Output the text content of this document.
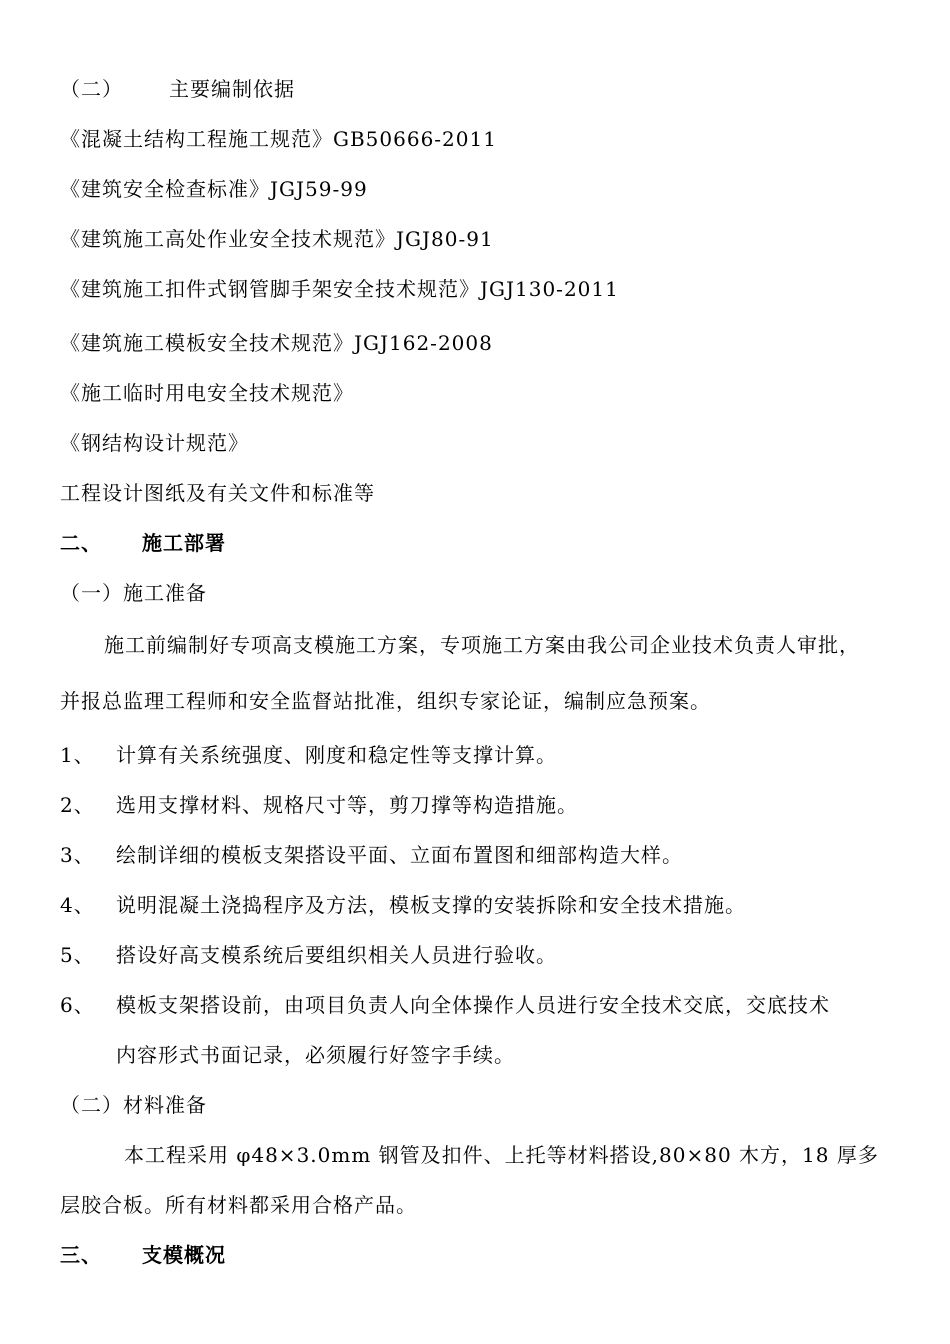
（二） 主要编制依据
《混凝土结构工程施工规范》GB50666-2011
《建筑安全检查标准》JGJ59-99
《建筑施工高处作业安全技术规范》JGJ80-91
《建筑施工扣件式钢管脚手架安全技术规范》JGJ130-2011
《建筑施工模板安全技术规范》JGJ162-2008
《施工临时用电安全技术规范》
《钢结构设计规范》
工程设计图纸及有关文件和标准等
二、 施工部署
（一）施工准备
施工前编制好专项高支模施工方案，专项施工方案由我公司企业技术负责人审批，
并报总监理工程师和安全监督站批准，组织专家论证，编制应急预案。
1、 计算有关系统强度、刚度和稳定性等支撑计算。
2、 选用支撑材料、规格尺寸等，剪刀撑等构造措施。
3、 绘制详细的模板支架搭设平面、立面布置图和细部构造大样。
4、 说明混凝土浇捣程序及方法，模板支撑的安装拆除和安全技术措施。
5、 搭设好高支模系统后要组织相关人员进行验收。
6、 模板支架搭设前，由项目负责人向全体操作人员进行安全技术交底，交底技术
内容形式书面记录，必须履行好签字手续。
（二）材料准备
本工程采用 φ48×3.0mm 钢管及扣件、上托等材料搭设,80×80 木方，18 厚多
层胶合板。所有材料都采用合格产品。
三、 支模概况
